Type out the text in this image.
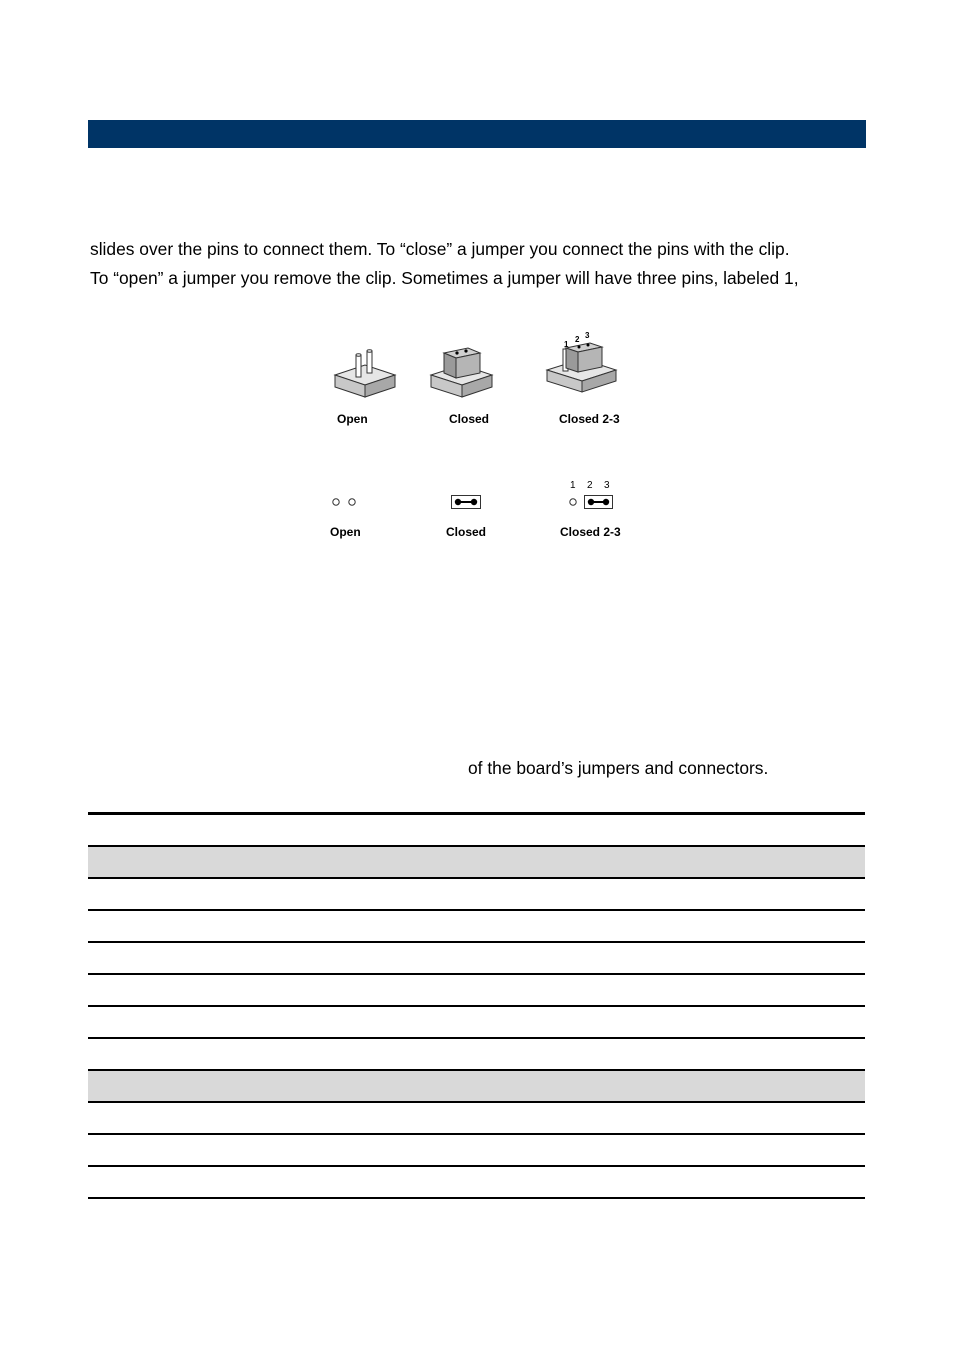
slides over the pins to connect them. To “close” a jumper you connect the pins with the clip.
To “open” a jumper you remove the clip. Sometimes a jumper will have three pins, labeled 1,
1
2 3
Open	Closed	Closed 2-3
1 2 3
Open	Closed	Closed 2-3
of the board’s jumpers and connectors.
